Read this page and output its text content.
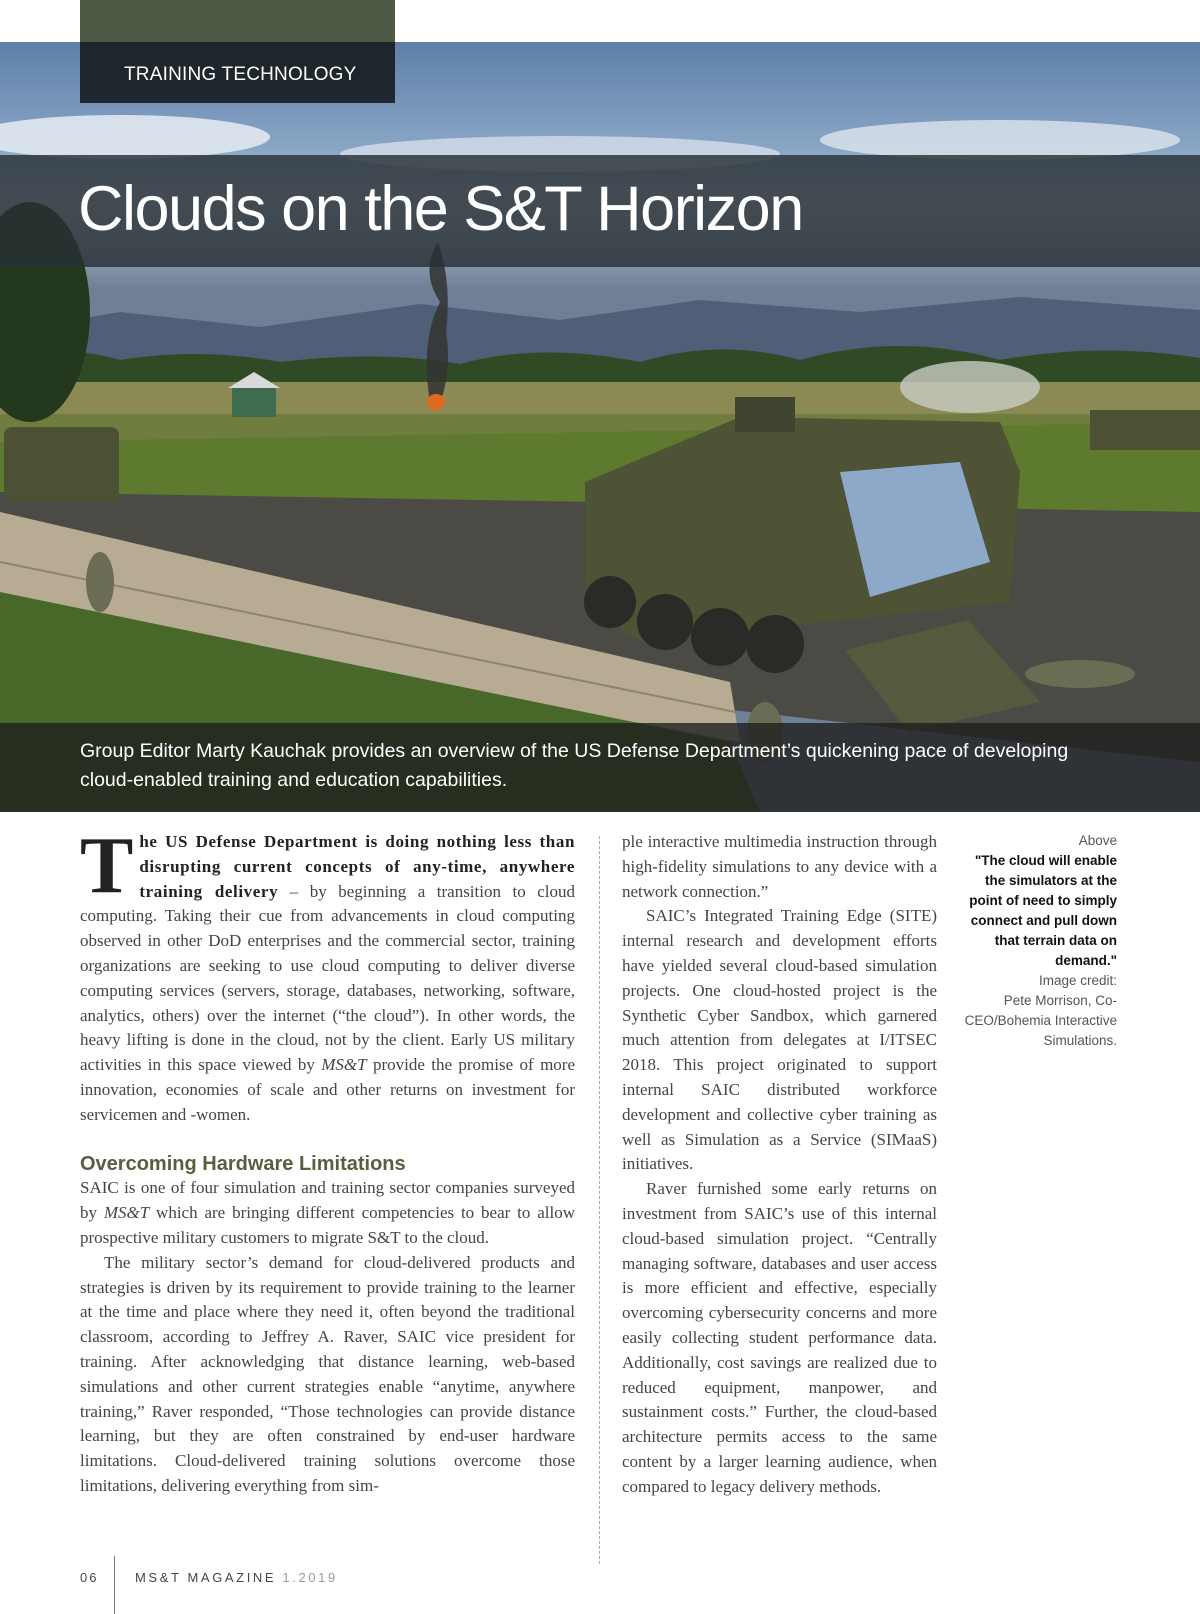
TRAINING TECHNOLOGY
Clouds on the S&T Horizon

Group Editor Marty Kauchak provides an overview of the US Defense Department’s quickening pace of developing cloud-enabled training and education capabilities.

The US Defense Department is doing nothing less than disrupting current concepts of any-time, anywhere training delivery – by beginning a transition to cloud computing. Taking their cue from advancements in cloud computing observed in other DoD enterprises and the commercial sector, training organizations are seeking to use cloud computing to deliver diverse computing services (servers, storage, databases, networking, software, analytics, others) over the internet (“the cloud”). In other words, the heavy lifting is done in the cloud, not by the client. Early US military activities in this space viewed by MS&T provide the promise of more innovation, economies of scale and other returns on investment for servicemen and -women.

Overcoming Hardware Limitations

SAIC is one of four simulation and training sector companies surveyed by MS&T which are bringing different competencies to bear to allow prospective military customers to migrate S&T to the cloud.

The military sector’s demand for cloud-delivered products and strategies is driven by its requirement to provide training to the learner at the time and place where they need it, often beyond the traditional classroom, according to Jeffrey A. Raver, SAIC vice president for training. After acknowledging that distance learning, web-based simulations and other current strategies enable “anytime, anywhere training,” Raver responded, “Those technologies can provide distance learning, but they are often constrained by end-user hardware limitations. Cloud-delivered training solutions overcome those limitations, delivering everything from sim-

ple interactive multimedia instruction through high-fidelity simulations to any device with a network connection.”

SAIC’s Integrated Training Edge (SITE) internal research and development efforts have yielded several cloud-based simulation projects. One cloud-hosted project is the Synthetic Cyber Sandbox, which garnered much attention from delegates at I/ITSEC 2018. This project originated to support internal SAIC distributed workforce development and collective cyber training as well as Simulation as a Service (SIMaaS) initiatives.

Raver furnished some early returns on investment from SAIC’s use of this internal cloud-based simulation project. “Centrally managing software, databases and user access is more efficient and effective, especially overcoming cybersecurity concerns and more easily collecting student performance data. Additionally, cost savings are realized due to reduced equipment, manpower, and sustainment costs.” Further, the cloud-based architecture permits access to the same content by a larger learning audience, when compared to legacy delivery methods.

Above
"The cloud will enable the simulators at the point of need to simply connect and pull down that terrain data on demand."
Image credit:
Pete Morrison, Co-CEO/Bohemia Interactive Simulations.
06	MS&T MAGAZINE 1.2019
